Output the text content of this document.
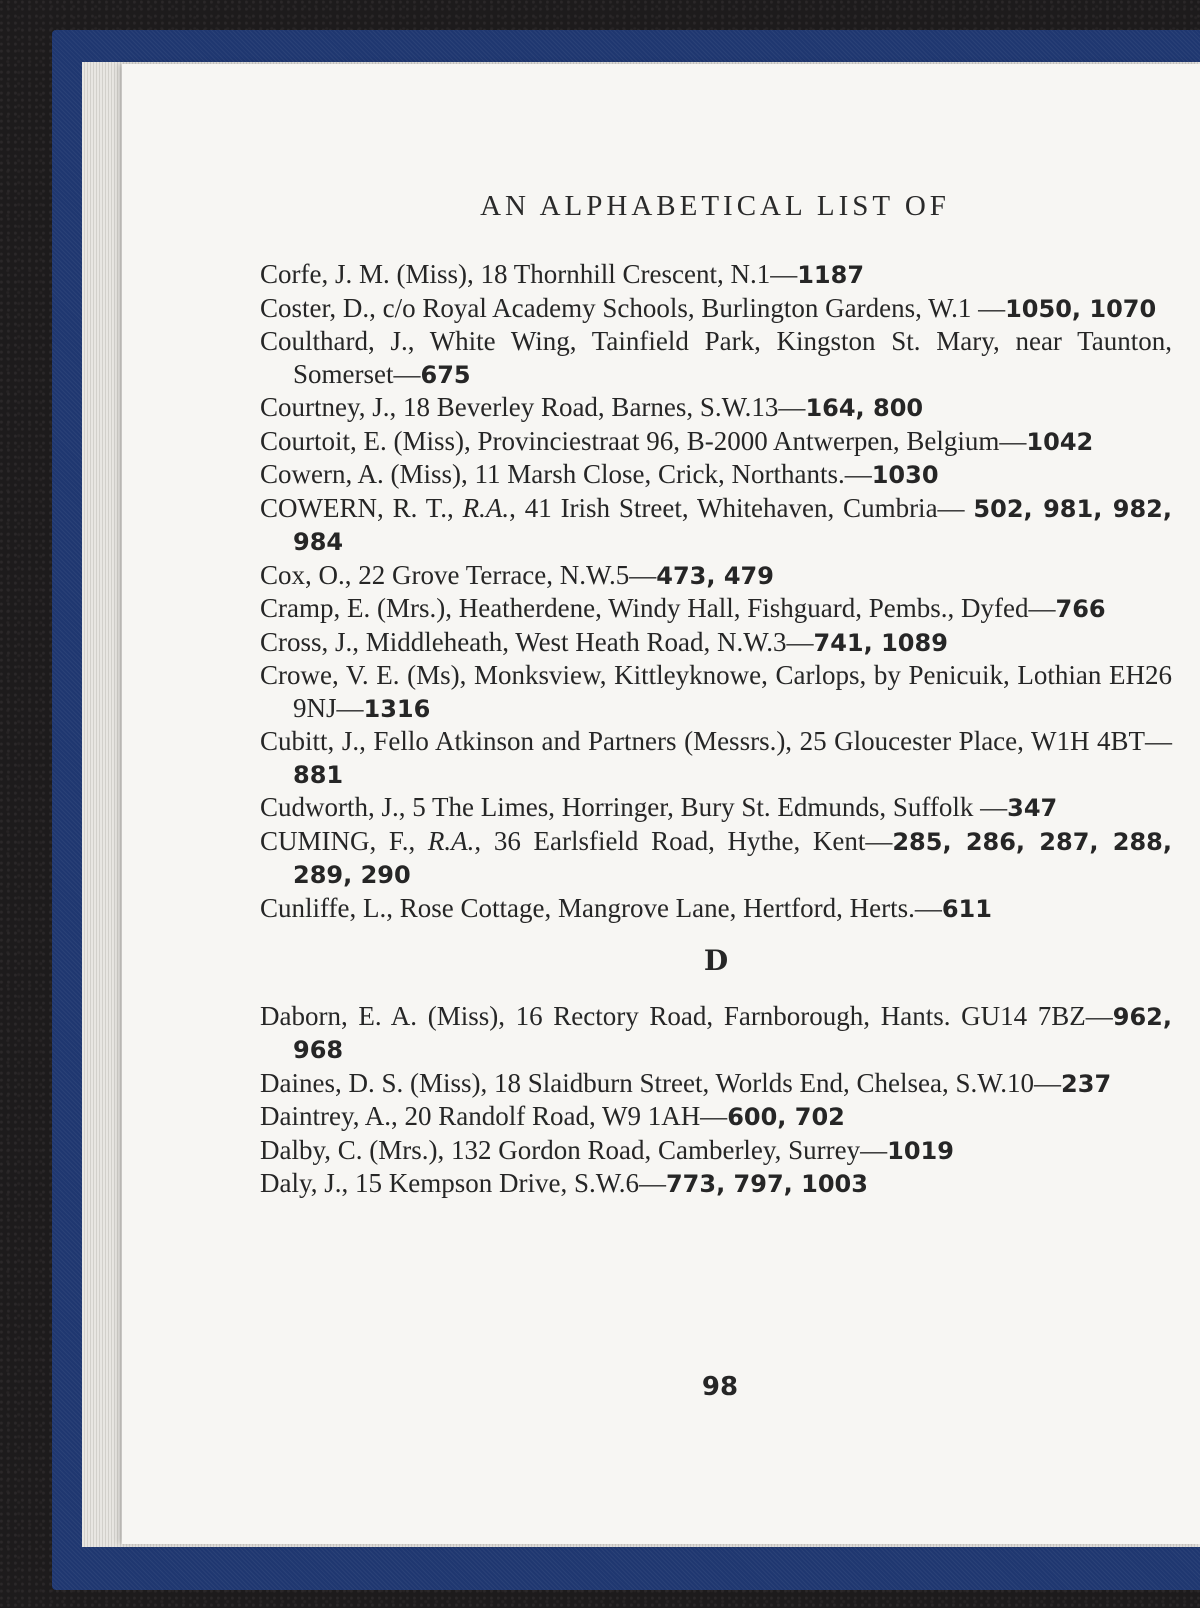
AN ALPHABETICAL LIST OF

Corfe, J. M. (Miss), 18 Thornhill Crescent, N.1—1187

Coster, D., c/o Royal Academy Schools, Burlington Gardens, W.1 —1050, 1070

Coulthard, J., White Wing, Tainfield Park, Kingston St. Mary, near Taunton, Somerset—675

Courtney, J., 18 Beverley Road, Barnes, S.W.13—164, 800

Courtoit, E. (Miss), Provinciestraat 96, B-2000 Antwerpen, Belgium—1042

Cowern, A. (Miss), 11 Marsh Close, Crick, Northants.—1030

COWERN, R. T., R.A., 41 Irish Street, Whitehaven, Cumbria— 502, 981, 982, 984

Cox, O., 22 Grove Terrace, N.W.5—473, 479

Cramp, E. (Mrs.), Heatherdene, Windy Hall, Fishguard, Pembs., Dyfed—766

Cross, J., Middleheath, West Heath Road, N.W.3—741, 1089

Crowe, V. E. (Ms), Monksview, Kittleyknowe, Carlops, by Penicuik, Lothian EH26 9NJ—1316

Cubitt, J., Fello Atkinson and Partners (Messrs.), 25 Gloucester Place, W1H 4BT—881

Cudworth, J., 5 The Limes, Horringer, Bury St. Edmunds, Suffolk —347

CUMING, F., R.A., 36 Earlsfield Road, Hythe, Kent—285, 286, 287, 288, 289, 290

Cunliffe, L., Rose Cottage, Mangrove Lane, Hertford, Herts.—611

D

Daborn, E. A. (Miss), 16 Rectory Road, Farnborough, Hants. GU14 7BZ—962, 968

Daines, D. S. (Miss), 18 Slaidburn Street, Worlds End, Chelsea, S.W.10—237

Daintrey, A., 20 Randolf Road, W9 1AH—600, 702

Dalby, C. (Mrs.), 132 Gordon Road, Camberley, Surrey—1019

Daly, J., 15 Kempson Drive, S.W.6—773, 797, 1003

98
